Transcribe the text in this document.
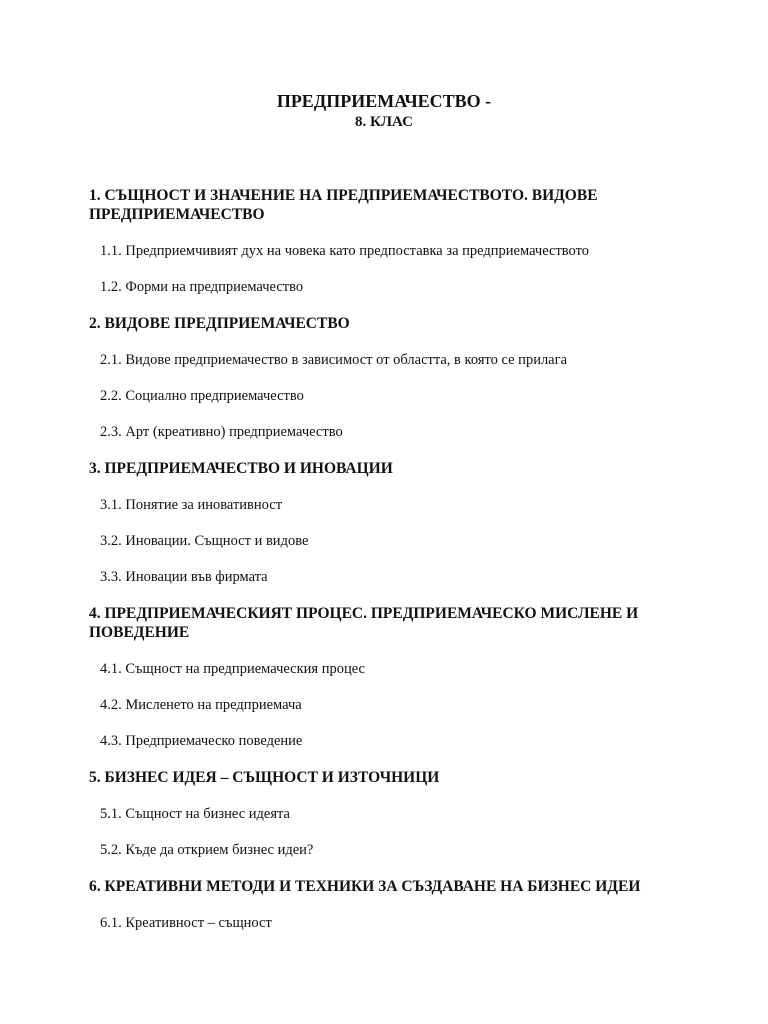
ПРЕДПРИЕМАЧЕСТВО -
8. КЛАС
1. СЪЩНОСТ И ЗНАЧЕНИЕ НА ПРЕДПРИЕМАЧЕСТВОТО. ВИДОВЕ ПРЕДПРИЕМАЧЕСТВО
1.1. Предприемчивият дух на човека като предпоставка за предприемачеството
1.2. Форми на предприемачество
2. ВИДОВЕ ПРЕДПРИЕМАЧЕСТВО
2.1. Видове предприемачество в зависимост от областта, в която се прилага
2.2. Социално предприемачество
2.3. Арт (креативно) предприемачество
3. ПРЕДПРИЕМАЧЕСТВО И ИНОВАЦИИ
3.1. Понятие за иновативност
3.2. Иновации. Същност и видове
3.3. Иновации във фирмата
4. ПРЕДПРИЕМАЧЕСКИЯТ ПРОЦЕС. ПРЕДПРИЕМАЧЕСКО МИСЛЕНЕ И ПОВЕДЕНИЕ
4.1. Същност на предприемаческия процес
4.2. Мисленето на предприемача
4.3. Предприемаческо поведение
5. БИЗНЕС ИДЕЯ – СЪЩНОСТ И ИЗТОЧНИЦИ
5.1. Същност на бизнес идеята
5.2. Къде да открием бизнес идеи?
6. КРЕАТИВНИ МЕТОДИ И ТЕХНИКИ ЗА СЪЗДАВАНЕ НА БИЗНЕС ИДЕИ
6.1. Креативност – същност
